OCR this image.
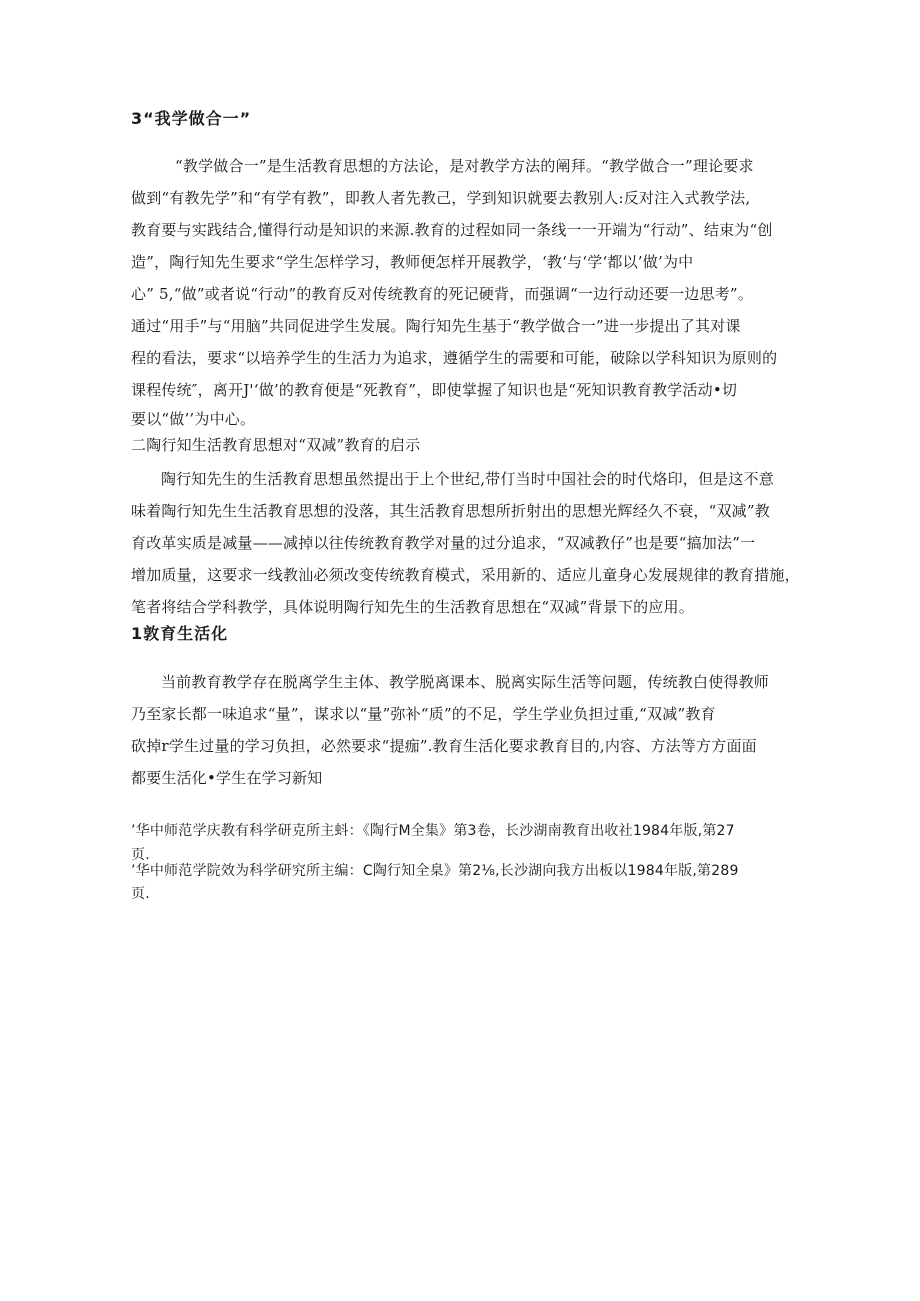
3“我学做合一”
“教学做合一”是生活教育思想的方法论，是对教学方法的阐拜。“教学做合一”理论要求
做到“有教先学”和“有学有教”，即教人者先教己，学到知识就要去教别人:反对注入式教学法,
教育要与实践结合,懂得行动是知识的来源.教育的过程如同一条线一一开端为“行动”、结束为“创
造”，陶行知先生要求“学生怎样学习，教师便怎样开展教学，‘教‘与‘学‘都以’做’为中
心” 5,“做”或者说“行动”的教育反对传统教育的死记硬背，而强调“一边行动还要一边思考”。
通过“用手”与“用脑”共同促进学生发展。陶行知先生基于“教学做合一”进一步提出了其对课
程的看法，要求“以培养学生的生活力为追求，遵循学生的需要和可能，破除以学科知识为原则的
课程传统″，离开J'‘做’的教育便是“死教育”，即使掌握了知识也是“死知识教育教学活动•切
要以“做’’为中心。
二陶行知生活教育思想对“双减”教育的启示
陶行知先生的生活教育思想虽然提出于上个世纪,带仃当时中国社会的时代烙印，但是这不意
味着陶行知先生生活教育思想的没落，其生活教育思想所折射出的思想光辉经久不衰，“双减”教
育改革实质是减量——减掉以往传统教育教学对量的过分追求，“双减教仔”也是要“搞加法”一
增加质量，这要求一线教汕必须改变传统教育模式，采用新的、适应儿童身心发展规律的教育措施，
笔者将结合学科教学，具体说明陶行知先生的生活教育思想在“双减”背景下的应用。
1敦育生活化
当前教育教学存在脱离学生主体、教学脱离课本、脱离实际生活等问题，传统教白使得教师
乃至家长都一味追求“量”，谋求以“量”弥补“质”的不足，学生学业负担过重,“双减”教育
砍掉r学生过量的学习负担，必然要求“提痂”.教育生活化要求教育目的,内容、方法等方方面面
都要生活化•学生在学习新知
’华中师范学庆教有科学研克所主蚪：《陶行M全集》第3卷，长沙湖南教育出收社1984年版,第27
页.
’华中师范学院效为科学研究所主编：C陶行知全臬》第2⅛,长沙湖向我方出板以1984年版,第289
页.
